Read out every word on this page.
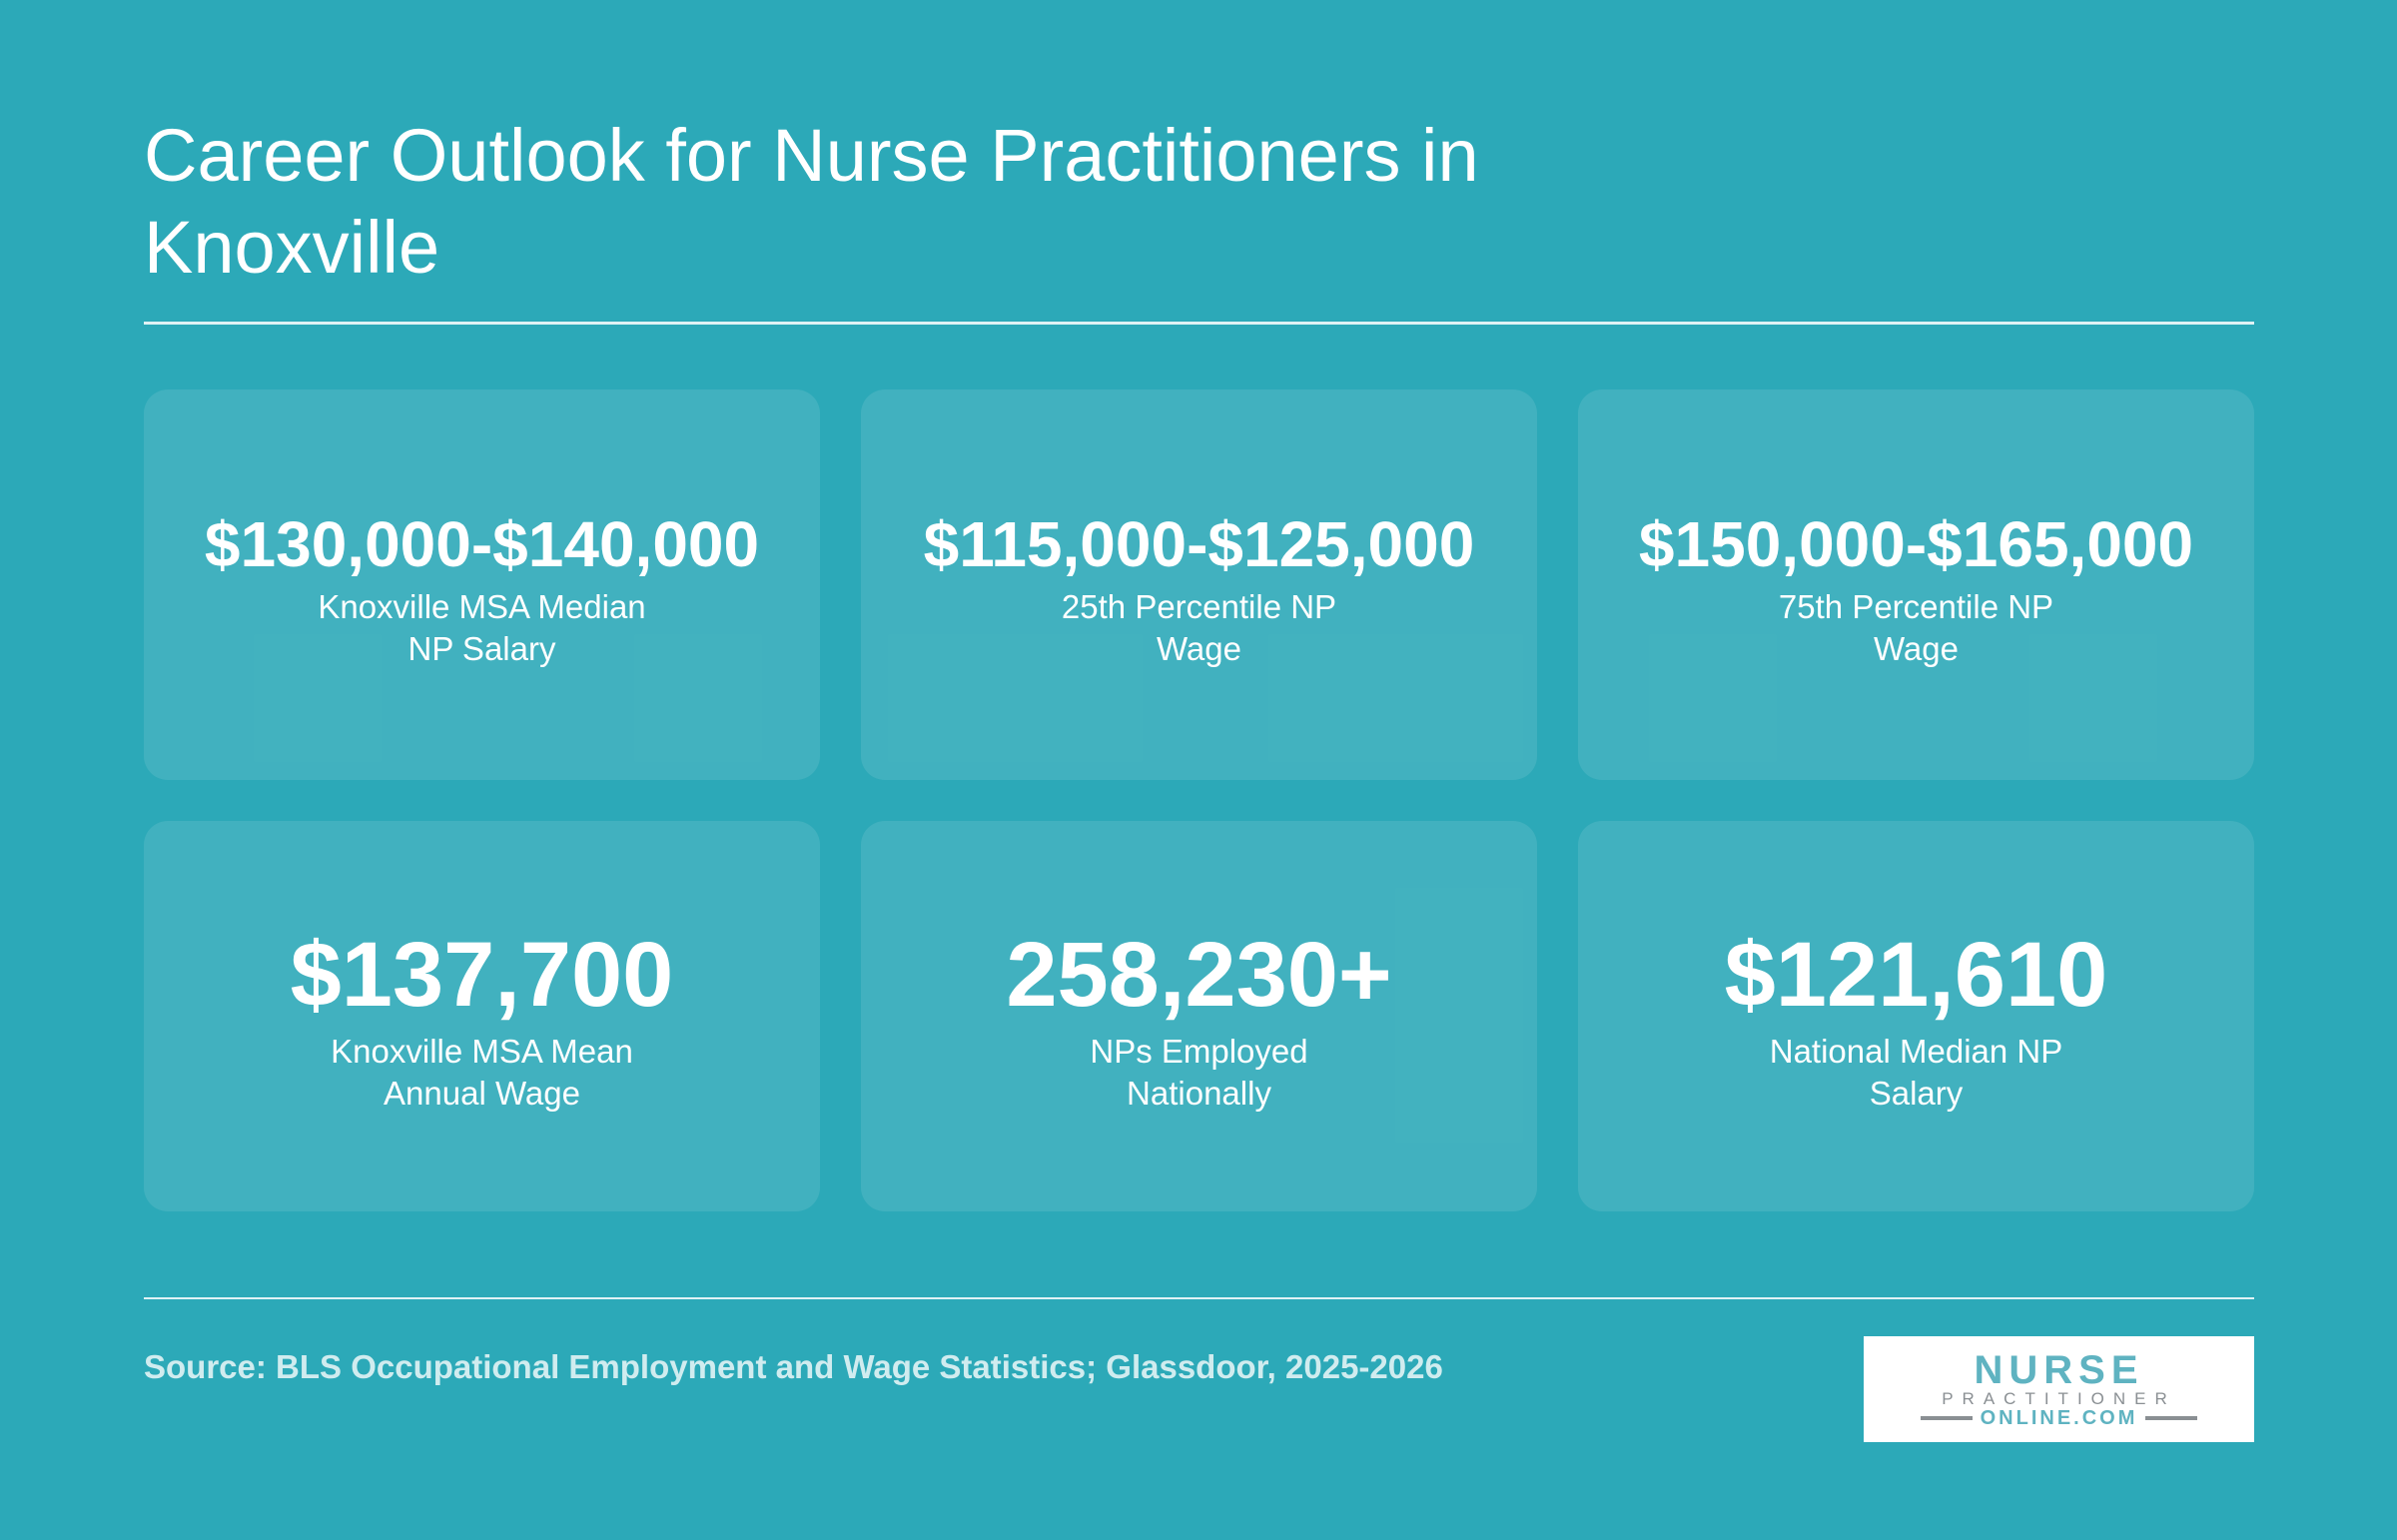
Career Outlook for Nurse Practitioners in Knoxville
$130,000-$140,000
Knoxville MSA Median NP Salary
$115,000-$125,000
25th Percentile NP Wage
$150,000-$165,000
75th Percentile NP Wage
$137,700
Knoxville MSA Mean Annual Wage
258,230+
NPs Employed Nationally
$121,610
National Median NP Salary
Source: BLS Occupational Employment and Wage Statistics; Glassdoor, 2025-2026	NURSE
PRACTITIONER
ONLINE.COM
